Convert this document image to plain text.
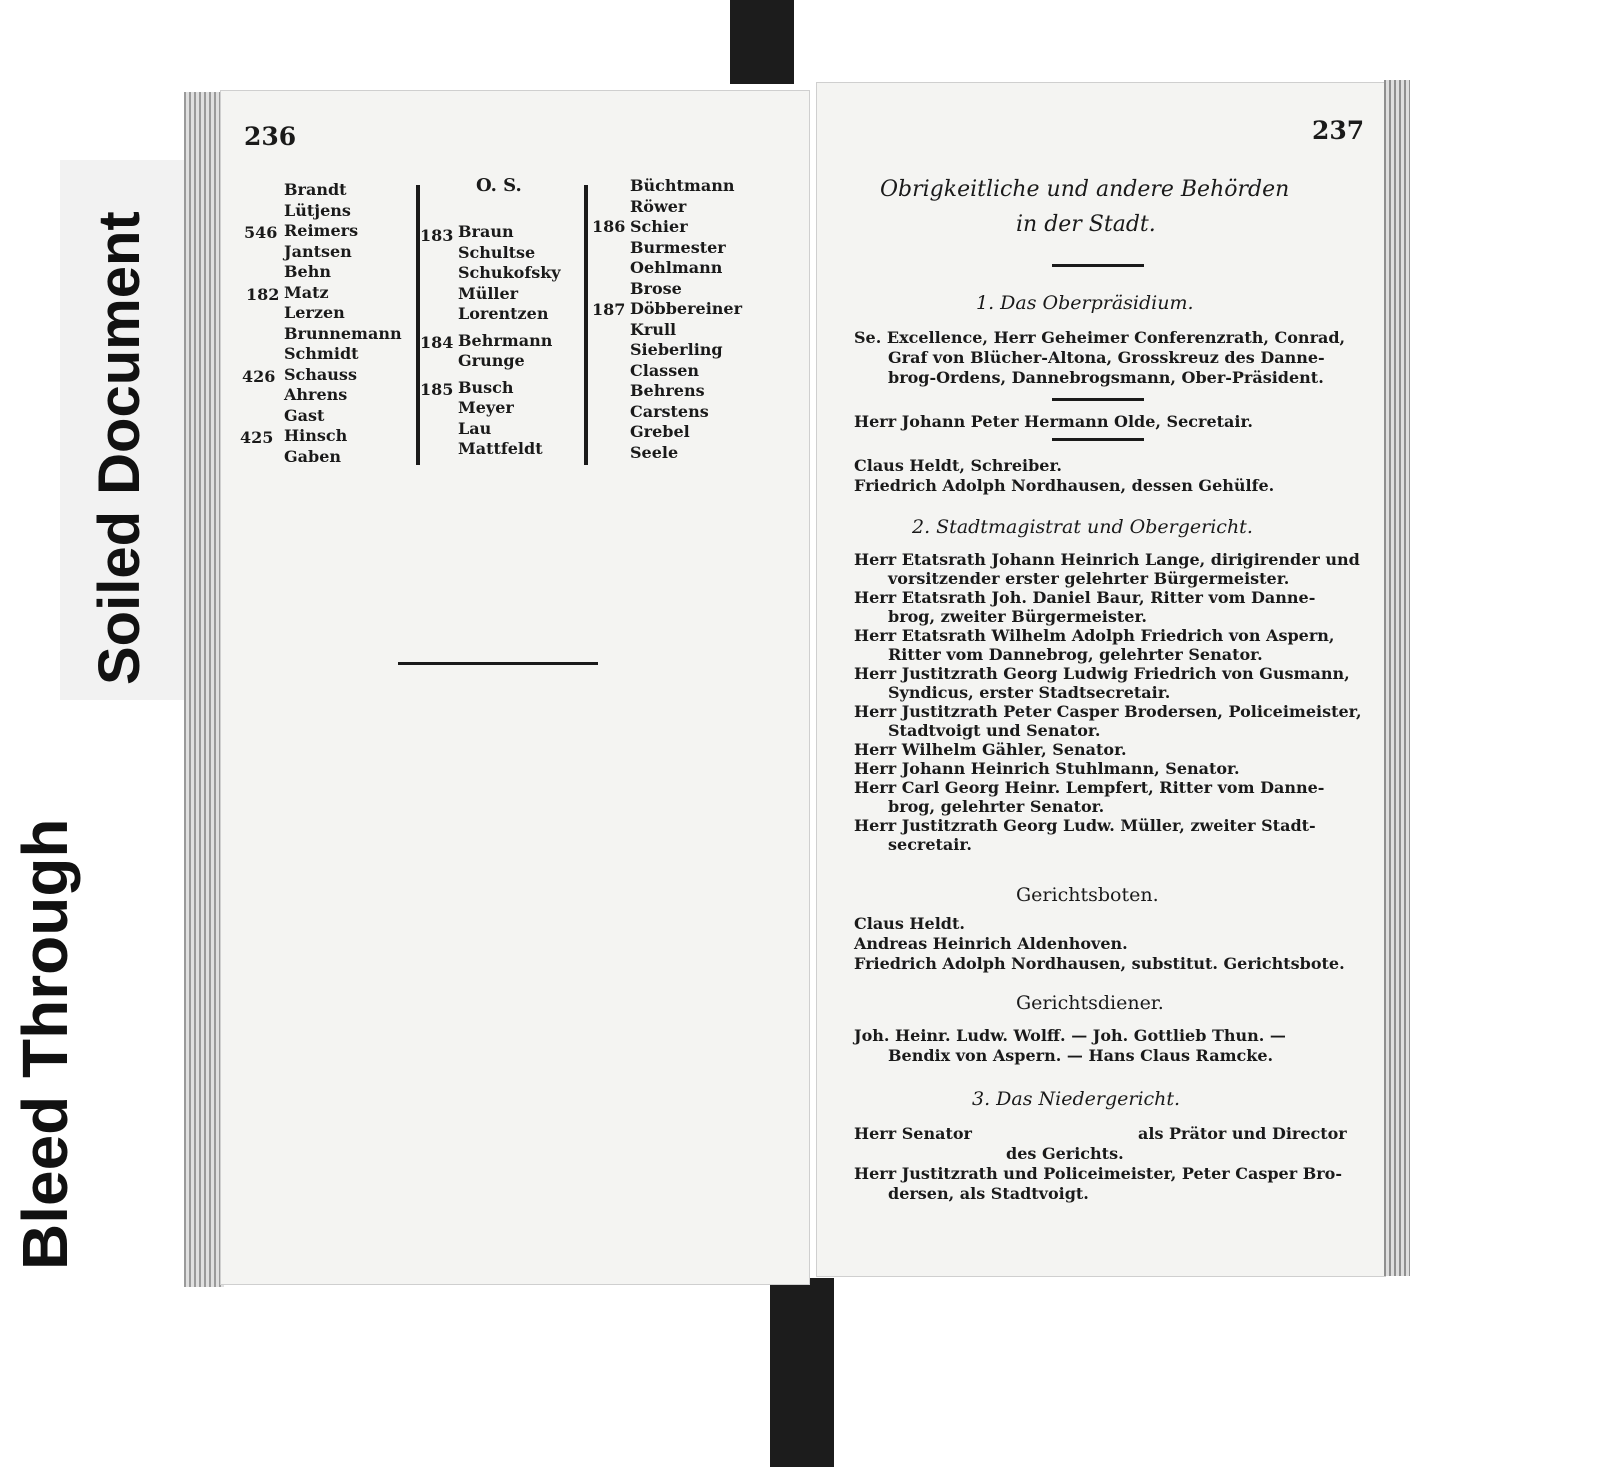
Soiled Document
Bleed Through
236
546
182
426
425
Brandt
Lütjens
Reimers
Jantsen
Behn
Matz
Lerzen
Brunnemann
Schmidt
Schauss
Ahrens
Gast
Hinsch
Gaben
O. S.
183
184
185
Braun
Schultse
Schukofsky
Müller
Lorentzen
Behrmann
Grunge
Busch
Meyer
Lau
Mattfeldt
186
187
Büchtmann
Röwer
Schier
Burmester
Oehlmann
Brose
Döbbereiner
Krull
Sieberling
Classen
Behrens
Carstens
Grebel
Seele
237
Obrigkeitliche und andere Behörden
in der Stadt.
1. Das Oberpräsidium.
Se. Excellence, Herr Geheimer Conferenzrath, Conrad,
Graf von Blücher-Altona, Grosskreuz des Danne-
brog-Ordens, Dannebrogsmann, Ober-Präsident.
Herr Johann Peter Hermann Olde, Secretair.
Claus Heldt, Schreiber.
Friedrich Adolph Nordhausen, dessen Gehülfe.
2. Stadtmagistrat und Obergericht.
Herr Etatsrath Johann Heinrich Lange, dirigirender und
vorsitzender erster gelehrter Bürgermeister.
Herr Etatsrath Joh. Daniel Baur, Ritter vom Danne-
brog, zweiter Bürgermeister.
Herr Etatsrath Wilhelm Adolph Friedrich von Aspern,
Ritter vom Dannebrog, gelehrter Senator.
Herr Justitzrath Georg Ludwig Friedrich von Gusmann,
Syndicus, erster Stadtsecretair.
Herr Justitzrath Peter Casper Brodersen, Policeimeister,
Stadtvoigt und Senator.
Herr Wilhelm Gähler, Senator.
Herr Johann Heinrich Stuhlmann, Senator.
Herr Carl Georg Heinr. Lempfert, Ritter vom Danne-
brog, gelehrter Senator.
Herr Justitzrath Georg Ludw. Müller, zweiter Stadt-
secretair.
Gerichtsboten.
Claus Heldt.
Andreas Heinrich Aldenhoven.
Friedrich Adolph Nordhausen, substitut. Gerichtsbote.
Gerichtsdiener.
Joh. Heinr. Ludw. Wolff. — Joh. Gottlieb Thun. —
Bendix von Aspern. — Hans Claus Ramcke.
3. Das Niedergericht.
Herr Senator	als Prätor und Director
des Gerichts.
Herr Justitzrath und Policeimeister, Peter Casper Bro-
dersen, als Stadtvoigt.
